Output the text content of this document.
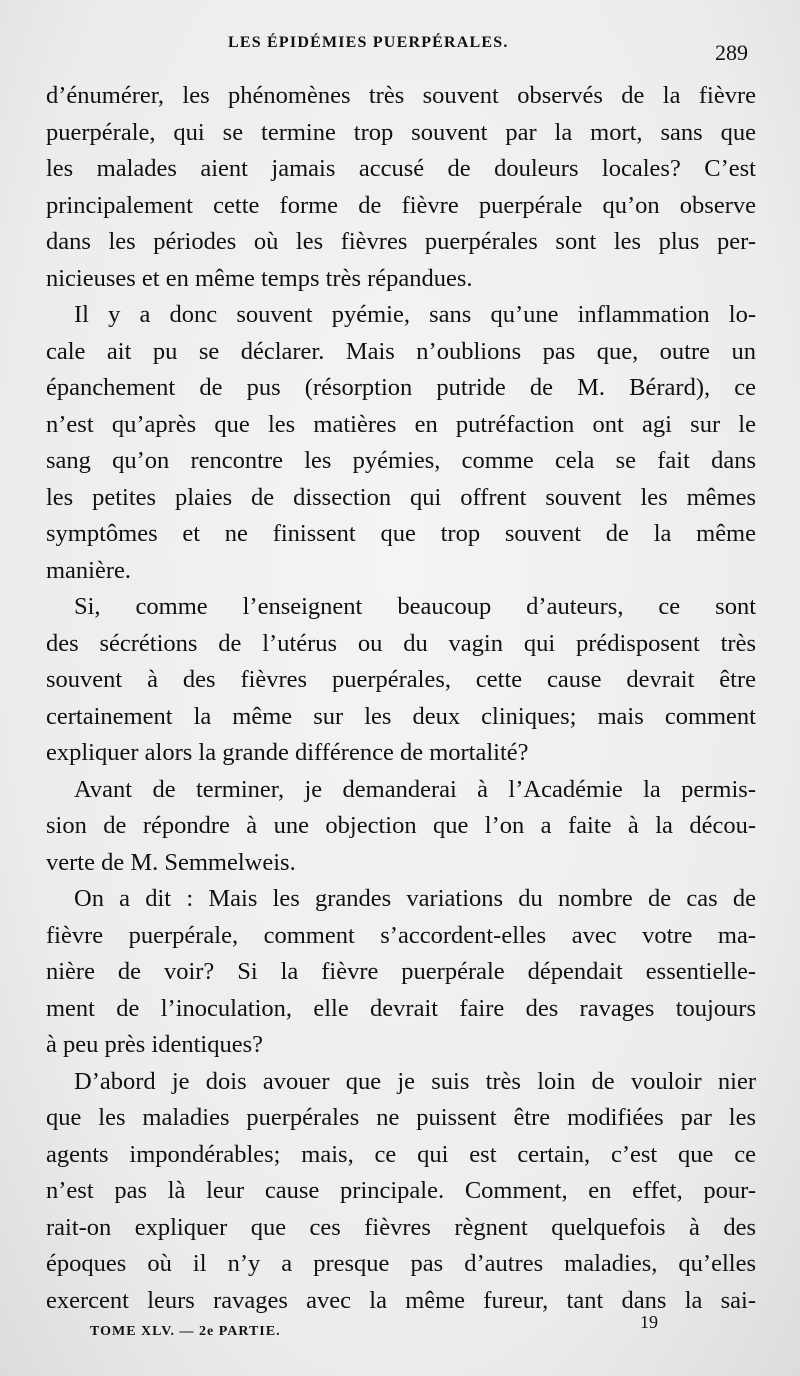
LES ÉPIDÉMIES PUERPÉRALES.	289
d’énumérer, les phénomènes très souvent observés de la fièvre
puerpérale, qui se termine trop souvent par la mort, sans que
les malades aient jamais accusé de douleurs locales? C’est
principalement cette forme de fièvre puerpérale qu’on observe
dans les périodes où les fièvres puerpérales sont les plus per-
nicieuses et en même temps très répandues.
Il y a donc souvent pyémie, sans qu’une inflammation lo-
cale ait pu se déclarer. Mais n’oublions pas que, outre un
épanchement de pus (résorption putride de M. Bérard), ce
n’est qu’après que les matières en putréfaction ont agi sur le
sang qu’on rencontre les pyémies, comme cela se fait dans
les petites plaies de dissection qui offrent souvent les mêmes
symptômes et ne finissent que trop souvent de la même
manière.
Si, comme l’enseignent beaucoup d’auteurs, ce sont
des sécrétions de l’utérus ou du vagin qui prédisposent très
souvent à des fièvres puerpérales, cette cause devrait être
certainement la même sur les deux cliniques; mais comment
expliquer alors la grande différence de mortalité?
Avant de terminer, je demanderai à l’Académie la permis-
sion de répondre à une objection que l’on a faite à la décou-
verte de M. Semmelweis.
On a dit : Mais les grandes variations du nombre de cas de
fièvre puerpérale, comment s’accordent-elles avec votre ma-
nière de voir? Si la fièvre puerpérale dépendait essentielle-
ment de l’inoculation, elle devrait faire des ravages toujours
à peu près identiques?
D’abord je dois avouer que je suis très loin de vouloir nier
que les maladies puerpérales ne puissent être modifiées par les
agents impondérables; mais, ce qui est certain, c’est que ce
n’est pas là leur cause principale. Comment, en effet, pour-
rait-on expliquer que ces fièvres règnent quelquefois à des
époques où il n’y a presque pas d’autres maladies, qu’elles
exercent leurs ravages avec la même fureur, tant dans la sai-
TOME XLV. — 2e PARTIE.	19
